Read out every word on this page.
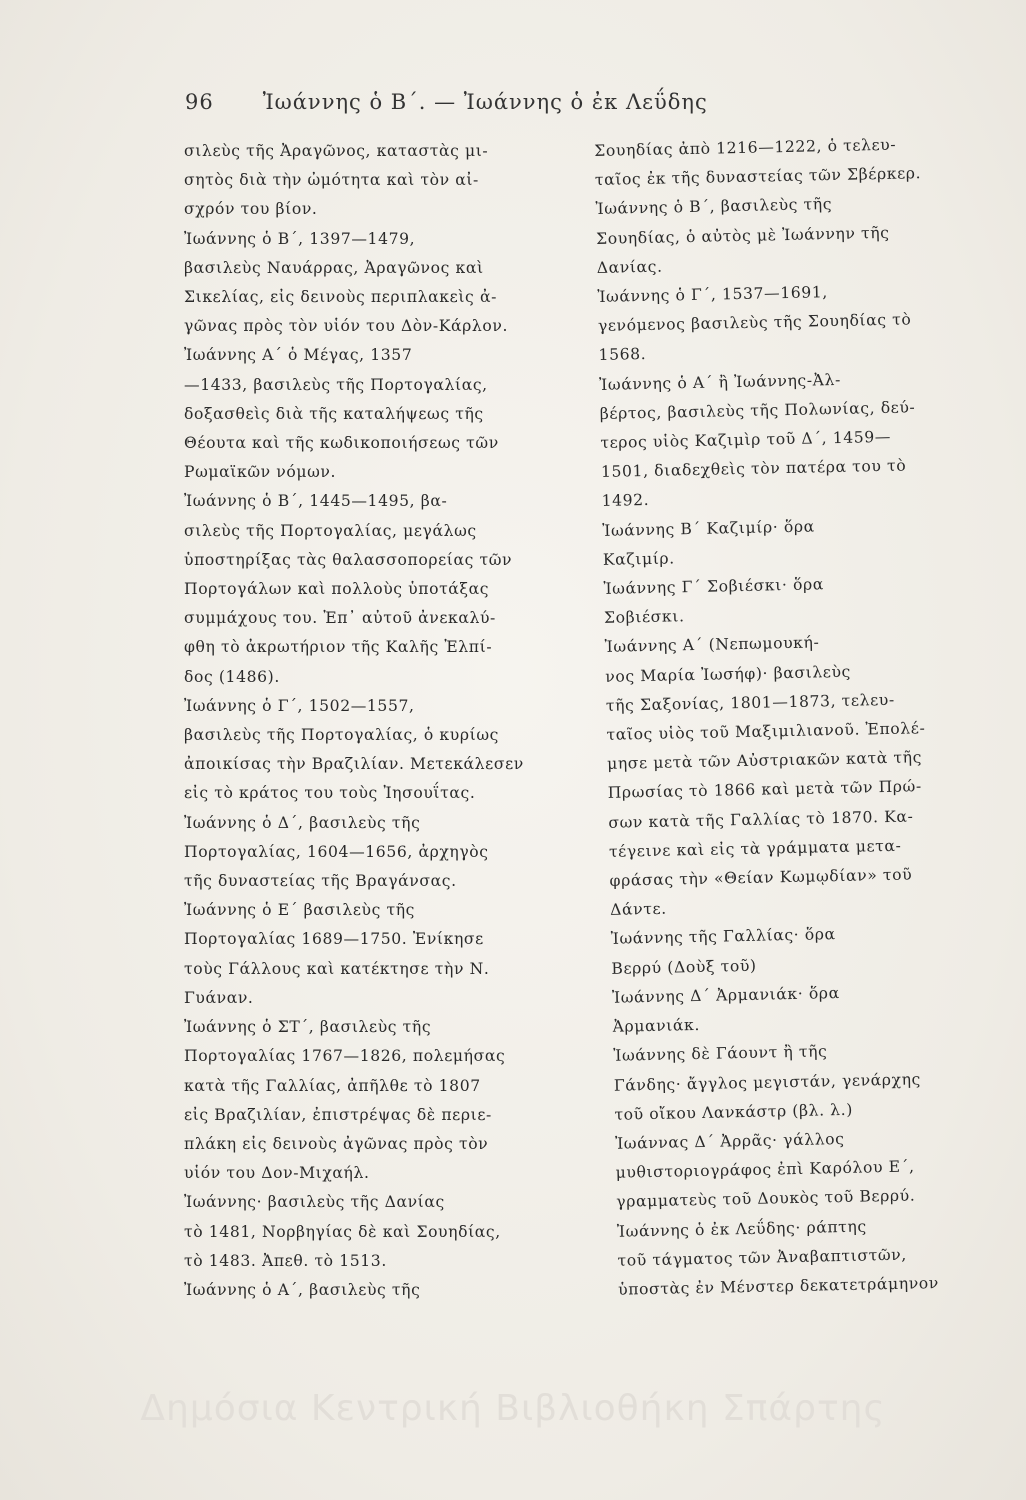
96 Ἰωάννης ὁ Β΄. — Ἰωάννης ὁ ἐκ Λεΰδης
σιλεὺς τῆς Ἀραγῶνος, καταστὰς μι-
σητὸς διὰ τὴν ὠμότητα καὶ τὸν αἰ-
σχρόν του βίον.
Ἰωάννης ὁ Β΄, 1397—1479,
βασιλεὺς Ναυάρρας, Ἀραγῶνος καὶ
Σικελίας, εἰς δεινοὺς περιπλακεὶς ἀ-
γῶνας πρὸς τὸν υἱόν του Δὸν-Κάρλον.
Ἰωάννης Α΄ ὁ Μέγας, 1357
—1433, βασιλεὺς τῆς Πορτογαλίας,
δοξασθεὶς διὰ τῆς καταλήψεως τῆς
Θέουτα καὶ τῆς κωδικοποιήσεως τῶν
Ρωμαϊκῶν νόμων.
Ἰωάννης ὁ Β΄, 1445—1495, βα-
σιλεὺς τῆς Πορτογαλίας, μεγάλως
ὑποστηρίξας τὰς θαλασσοπορείας τῶν
Πορτογάλων καὶ πολλοὺς ὑποτάξας
συμμάχους του. Ἐπ᾽ αὐτοῦ ἀνεκαλύ-
φθη τὸ ἀκρωτήριον τῆς Καλῆς Ἐλπί-
δος (1486).
Ἰωάννης ὁ Γ΄, 1502—1557,
βασιλεὺς τῆς Πορτογαλίας, ὁ κυρίως
ἀποικίσας τὴν Βραζιλίαν. Μετεκάλεσεν
εἰς τὸ κράτος του τοὺς Ἰησουΐτας.
Ἰωάννης ὁ Δ΄, βασιλεὺς τῆς
Πορτογαλίας, 1604—1656, ἀρχηγὸς
τῆς δυναστείας τῆς Βραγάνσας.
Ἰωάννης ὁ Ε΄ βασιλεὺς τῆς
Πορτογαλίας 1689—1750. Ἐνίκησε
τοὺς Γάλλους καὶ κατέκτησε τὴν Ν.
Γυάναν.
Ἰωάννης ὁ ΣΤ΄, βασιλεὺς τῆς
Πορτογαλίας 1767—1826, πολεμήσας
κατὰ τῆς Γαλλίας, ἀπῆλθε τὸ 1807
εἰς Βραζιλίαν, ἐπιστρέψας δὲ περιε-
πλάκη εἰς δεινοὺς ἀγῶνας πρὸς τὸν
υἱόν του Δον-Μιχαήλ.
Ἰωάννης· βασιλεὺς τῆς Δανίας
τὸ 1481, Νορβηγίας δὲ καὶ Σουηδίας,
τὸ 1483. Ἀπεθ. τὸ 1513.
Ἰωάννης ὁ Α΄, βασιλεὺς τῆς
Σουηδίας ἀπὸ 1216—1222, ὁ τελευ-
ταῖος ἐκ τῆς δυναστείας τῶν Σβέρκερ.
Ἰωάννης ὁ Β΄, βασιλεὺς τῆς
Σουηδίας, ὁ αὐτὸς μὲ Ἰωάννην τῆς
Δανίας.
Ἰωάννης ὁ Γ΄, 1537—1691,
γενόμενος βασιλεὺς τῆς Σουηδίας τὸ
1568.
Ἰωάννης ὁ Α΄ ἢ Ἰωάννης-Ἀλ-
βέρτος, βασιλεὺς τῆς Πολωνίας, δεύ-
τερος υἱὸς Καζιμὶρ τοῦ Δ΄, 1459—
1501, διαδεχθεὶς τὸν πατέρα του τὸ
1492.
Ἰωάννης Β΄ Καζιμίρ· ὅρα
Καζιμίρ.
Ἰωάννης Γ΄ Σοβιέσκι· ὅρα
Σοβιέσκι.
Ἰωάννης Α΄ (Νεπωμουκή-
νος Μαρία Ἰωσήφ)· βασιλεὺς
τῆς Σαξονίας, 1801—1873, τελευ-
ταῖος υἱὸς τοῦ Μαξιμιλιανοῦ. Ἐπολέ-
μησε μετὰ τῶν Αὐστριακῶν κατὰ τῆς
Πρωσίας τὸ 1866 καὶ μετὰ τῶν Πρώ-
σων κατὰ τῆς Γαλλίας τὸ 1870. Κα-
τέγεινε καὶ εἰς τὰ γράμματα μετα-
φράσας τὴν «Θείαν Κωμῳδίαν» τοῦ
Δάντε.
Ἰωάννης τῆς Γαλλίας· ὅρα
Βερρύ (Δοὺξ τοῦ)
Ἰωάννης Δ΄ Ἀρμανιάκ· ὅρα
Ἀρμανιάκ.
Ἰωάννης δὲ Γάουντ ἢ τῆς
Γάνδης· ἄγγλος μεγιστάν, γενάρχης
τοῦ οἴκου Λανκάστρ (βλ. λ.)
Ἰωάννας Δ΄ Ἀρρᾶς· γάλλος
μυθιστοριογράφος ἐπὶ Καρόλου Ε΄,
γραμματεὺς τοῦ Δουκὸς τοῦ Βερρύ.
Ἰωάννης ὁ ἐκ Λεΰδης· ράπτης
τοῦ τάγματος τῶν Ἀναβαπτιστῶν,
ὑποστὰς ἐν Μένστερ δεκατετράμηνον
Δημόσια Κεντρική Βιβλιοθήκη Σπάρτης
